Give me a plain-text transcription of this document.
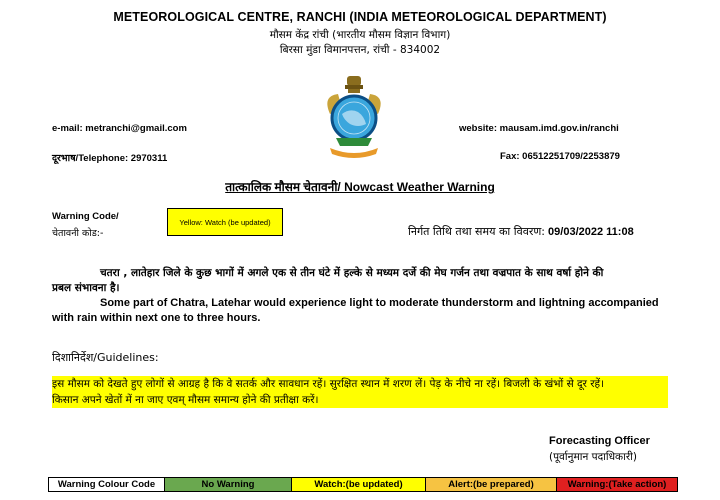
METEOROLOGICAL CENTRE, RANCHI (INDIA METEOROLOGICAL DEPARTMENT)
मौसम केंद्र रांची (भारतीय मौसम विज्ञान विभाग)
बिरसा मुंडा विमानपत्तन, रांची - 834002
e-mail: metranchi@gmail.com	website: mausam.imd.gov.in/ranchi
दूरभाष/Telephone: 2970311	Fax: 06512251709/2253879
तात्कालिक मौसम चेतावनी/ Nowcast Weather Warning
Warning Code/
चेतावनी कोड:-
Yellow: Watch (be updated)
निर्गत तिथि तथा समय का विवरण: 09/03/2022 11:08
चतरा , लातेहार जिले के कुछ भागों में अगले एक से तीन घंटे में हल्के से मध्यम दर्जे की मेघ गर्जन तथा वज्रपात के साथ वर्षा होने की
प्रबल संभावना है।
Some part of Chatra, Latehar would experience light to moderate thunderstorm and lightning accompanied
with rain within next one to three hours.
दिशानिर्देश/Guidelines:
इस मौसम को देखते हुए लोगों से आग्रह है कि वे सतर्क और सावधान रहें। सुरक्षित स्थान में शरण लें। पेड़ के नीचे ना रहें। बिजली के खंभों से दूर रहें।
किसान अपने खेतों में ना जाए एवम् मौसम समान्य होने की प्रतीक्षा करें।
Forecasting Officer
(पूर्वानुमान पदाधिकारी)
Warning Colour Code	No Warning	Watch:(be updated)	Alert:(be prepared)	Warning:(Take action)
